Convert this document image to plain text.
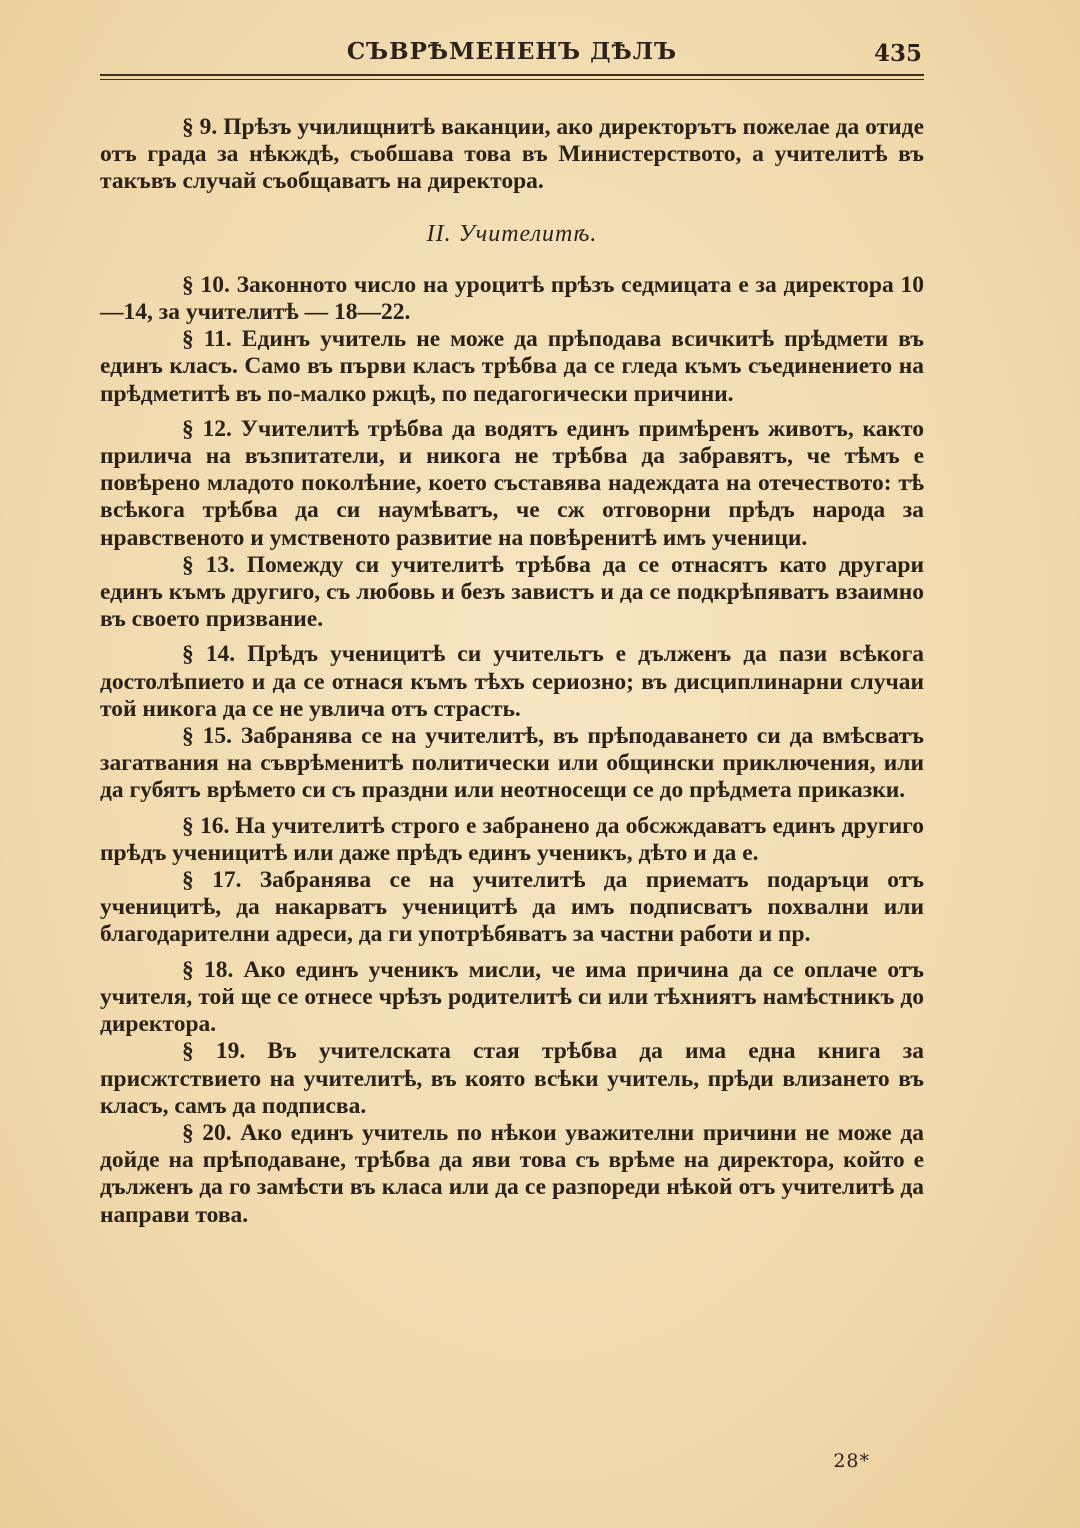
СЪВРѢМЕНЕНЪ ДѢЛЪ	435

§ 9. Прѣзъ училищнитѣ ваканции, ако директорътъ пожелае да отиде отъ града за нѣкждѣ, съобшава това въ Министерството, а учителитѣ въ такъвъ случай съобщаватъ на директора.

II. Учителитѣ.

§ 10. Законното число на уроцитѣ прѣзъ седмицата е за директора 10—14, за учителитѣ — 18—22.

§ 11. Единъ учитель не може да прѣподава всичкитѣ прѣдмети въ единъ класъ. Само въ първи класъ трѣбва да се гледа къмъ съединението на прѣдметитѣ въ по-малко ржцѣ, по педагогически причини.

§ 12. Учителитѣ трѣбва да водятъ единъ примѣренъ животъ, както прилича на възпитатели, и никога не трѣбва да забравятъ, че тѣмъ е повѣрено младото поколѣние, което съставява надеждата на отечеството: тѣ всѣкога трѣбва да си наумѣватъ, че сж отговорни прѣдъ народа за нравственото и умственото развитие на повѣренитѣ имъ ученици.

§ 13. Помежду си учителитѣ трѣбва да се отнасятъ като другари единъ къмъ другиго, съ любовь и безъ завистъ и да се подкрѣпяватъ взаимно въ своето призвание.

§ 14. Прѣдъ ученицитѣ си учительтъ е дълженъ да пази всѣкога достолѣпието и да се отнася къмъ тѣхъ сериозно; въ дисциплинарни случаи той никога да се не увлича отъ страсть.

§ 15. Забранява се на учителитѣ, въ прѣподаването си да вмѣсватъ загатвания на съврѣменитѣ политически или общински приключения, или да губятъ врѣмето си съ праздни или неотносещи се до прѣдмета приказки.

§ 16. На учителитѣ строго е забранено да обсжждаватъ единъ другиго прѣдъ ученицитѣ или даже прѣдъ единъ ученикъ, дѣто и да е.

§ 17. Забранява се на учителитѣ да приематъ подаръци отъ ученицитѣ, да накарватъ ученицитѣ да имъ подписватъ похвални или благодарителни адреси, да ги употрѣбяватъ за частни работи и пр.

§ 18. Ако единъ ученикъ мисли, че има причина да се оплаче отъ учителя, той ще се отнесе чрѣзъ родителитѣ си или тѣхниятъ намѣстникъ до директора.

§ 19. Въ учителската стая трѣбва да има една книга за присжтствието на учителитѣ, въ която всѣки учитель, прѣди влизането въ класъ, самъ да подписва.

§ 20. Ако единъ учитель по нѣкои уважителни причини не може да дойде на прѣподаване, трѣбва да яви това съ врѣме на директора, който е дълженъ да го замѣсти въ класа или да се разпореди нѣкой отъ учителитѣ да направи това.

28*
